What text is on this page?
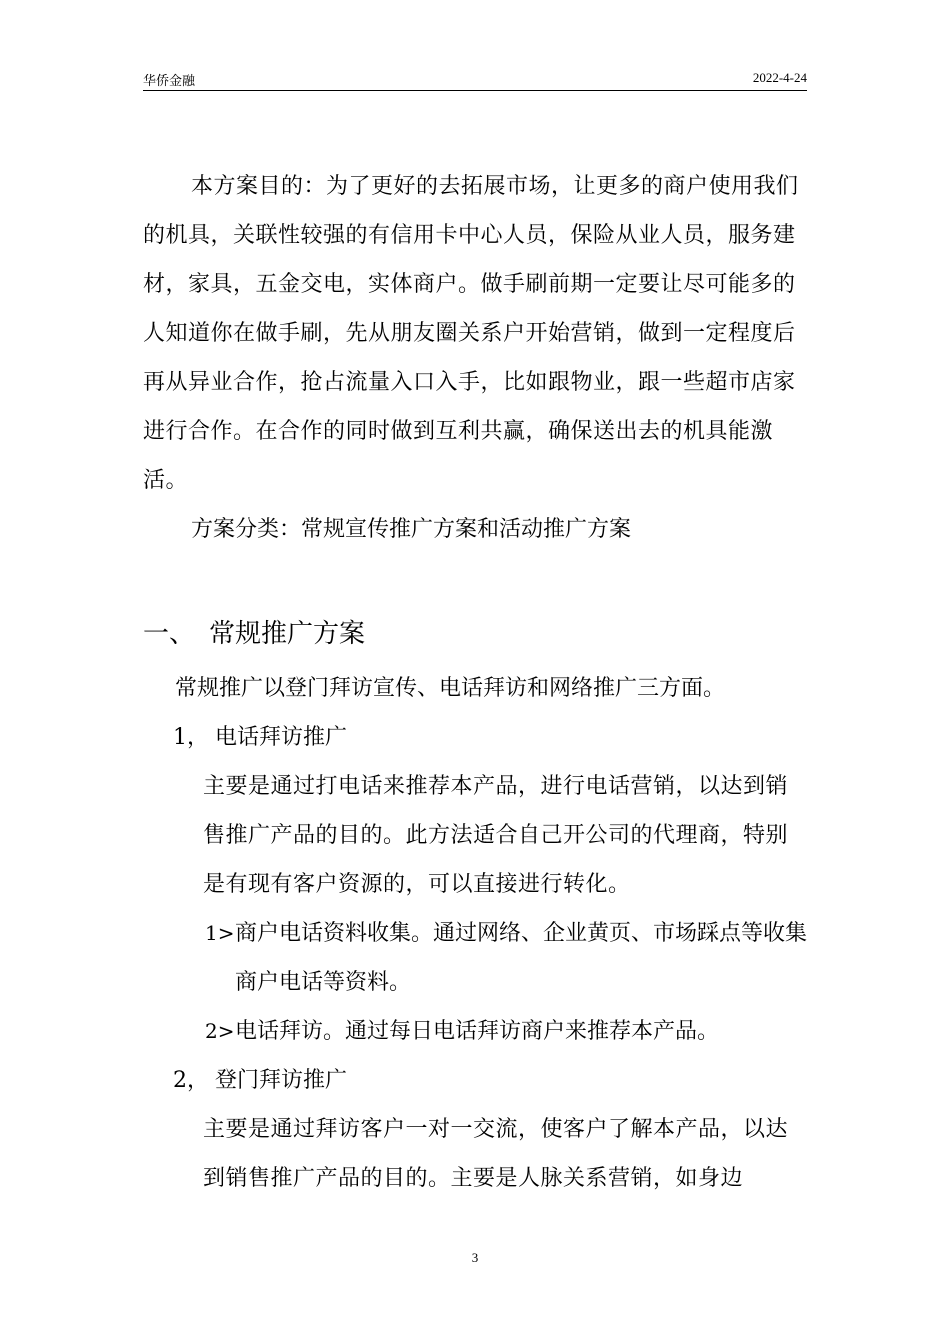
华侨金融	2022-4-24

本方案目的：为了更好的去拓展市场，让更多的商户使用我们的机具，关联性较强的有信用卡中心人员，保险从业人员，服务建材，家具，五金交电，实体商户。做手刷前期一定要让尽可能多的人知道你在做手刷，先从朋友圈关系户开始营销，做到一定程度后再从异业合作，抢占流量入口入手，比如跟物业，跟一些超市店家进行合作。在合作的同时做到互利共赢，确保送出去的机具能激活。

方案分类：常规宣传推广方案和活动推广方案

一、 常规推广方案

常规推广以登门拜访宣传、电话拜访和网络推广三方面。

1， 电话拜访推广

主要是通过打电话来推荐本产品，进行电话营销，以达到销售推广产品的目的。此方法适合自己开公司的代理商，特别是有现有客户资源的，可以直接进行转化。

1>商户电话资料收集。通过网络、企业黄页、市场踩点等收集商户电话等资料。

2>电话拜访。通过每日电话拜访商户来推荐本产品。

2， 登门拜访推广

主要是通过拜访客户一对一交流，使客户了解本产品，以达到销售推广产品的目的。主要是人脉关系营销，如身边

3
